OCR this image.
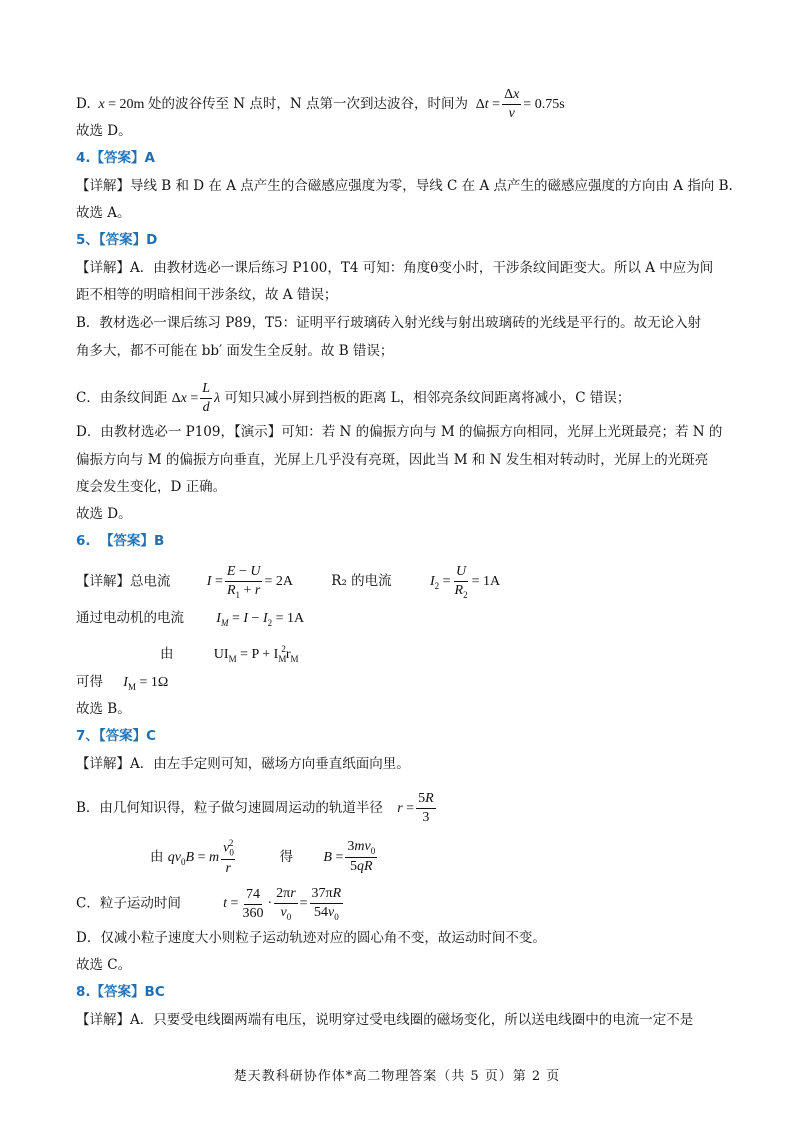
D. x = 20m 处的波谷传至 N 点时，N 点第一次到达波谷，时间为  $\Delta t = \frac{\Delta x}{v} = 0.75s$
故选 D。
4.【答案】A
【详解】导线 B 和 D 在 A 点产生的合磁感应强度为零，导线 C 在 A 点产生的磁感应强度的方向由 A 指向 B.
故选 A。
5、【答案】D
【详解】A．由教材选必一课后练习 P100，T4 可知：角度θ变小时，干涉条纹间距变大。所以 A 中应为间
距不相等的明暗相间干涉条纹，故 A 错误；
B．教材选必一课后练习 P89，T5：证明平行玻璃砖入射光线与射出玻璃砖的光线是平行的。故无论入射
角多大，都不可能在 bb′ 面发生全反射。故 B 错误；
C．由条纹间距 $\Delta x = \frac{L}{d}$ λ 可知只减小屏到挡板的距离 L，相邻亮条纹间距离将减小，C 错误；
D．由教材选必一 P109，【演示】可知：若 N 的偏振方向与 M 的偏振方向相同，光屏上光斑最亮；若 N 的
偏振方向与 M 的偏振方向垂直，光屏上几乎没有亮斑，因此当 M 和 N 发生相对转动时，光屏上的光斑亮
度会发生变化，D 正确。
故选 D。
6. 【答案】B
【详解】总电流	$I = \frac{E - U}{R_1 + r} = 2A$	R₂ 的电流	$I_2 = \frac{U}{R_2} = 1A$
通过电动机的电流 $I_M = I - I_2 = 1A$
由	$UI_M = P + I_M^2r_M$
可得 $I_M = 1\Omega$
故选 B。
7、【答案】C
【详解】A．由左手定则可知，磁场方向垂直纸面向里。
B．由几何知识得，粒子做匀速圆周运动的轨道半径 $r = \frac{5R}{3}$
由 $qv_0B = m \frac{v_0^2}{r}$	得 $B = \frac{3mv_0}{5qR}$
C．粒子运动时间	$t = \frac{74}{360} \cdot \frac{2\pi r}{v_0} = \frac{37\pi R}{54v_0}$
D．仅减小粒子速度大小则粒子运动轨迹对应的圆心角不变，故运动时间不变。
故选 C。
8.【答案】BC
【详解】A．只要受电线圈两端有电压，说明穿过受电线圈的磁场变化，所以送电线圈中的电流一定不是
楚天教科研协作体*高二物理答案（共 5 页）第 2 页
